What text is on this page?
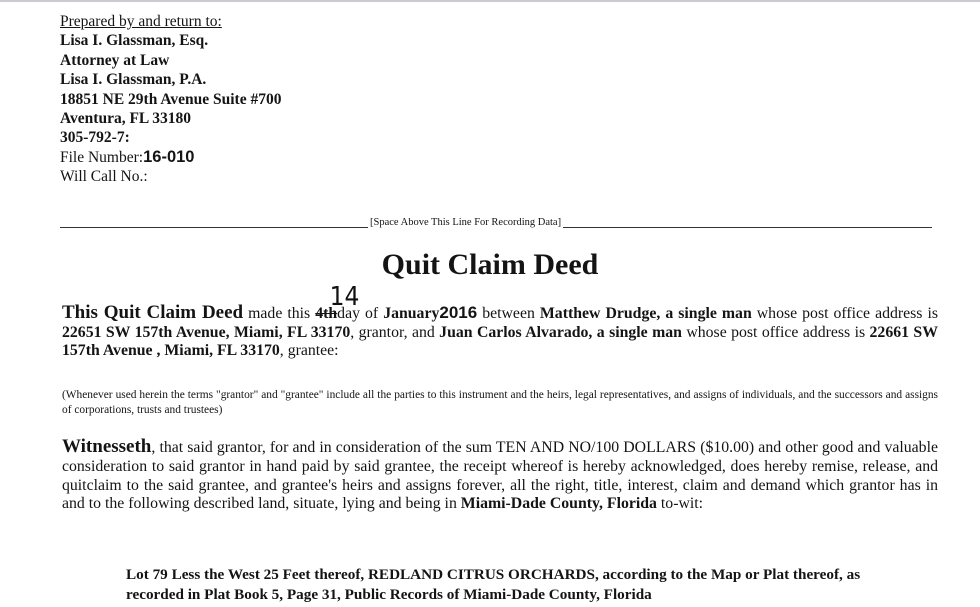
Prepared by and return to:
Lisa I. Glassman, Esq.
Attorney at Law
Lisa I. Glassman, P.A.
18851 NE 29th Avenue Suite #700
Aventura, FL 33180
305-792-7:
File Number:16-010
Will Call No.:
[Space Above This Line For Recording Data]
Quit Claim Deed
14
This Quit Claim Deed made this 4thday of January2016 between Matthew Drudge, a single man whose post office address is 22651 SW 157th Avenue, Miami, FL 33170, grantor, and Juan Carlos Alvarado, a single man whose post office address is 22661 SW 157th Avenue , Miami, FL 33170, grantee:
(Whenever used herein the terms "grantor" and "grantee" include all the parties to this instrument and the heirs, legal representatives, and assigns of individuals, and the successors and assigns of corporations, trusts and trustees)
Witnesseth, that said grantor, for and in consideration of the sum TEN AND NO/100 DOLLARS ($10.00) and other good and valuable consideration to said grantor in hand paid by said grantee, the receipt whereof is hereby acknowledged, does hereby remise, release, and quitclaim to the said grantee, and grantee's heirs and assigns forever, all the right, title, interest, claim and demand which grantor has in and to the following described land, situate, lying and being in Miami-Dade County, Florida to-wit:
Lot 79 Less the West 25 Feet thereof, REDLAND CITRUS ORCHARDS, according to the Map or Plat thereof, as recorded in Plat Book 5, Page 31, Public Records of Miami-Dade County, Florida
